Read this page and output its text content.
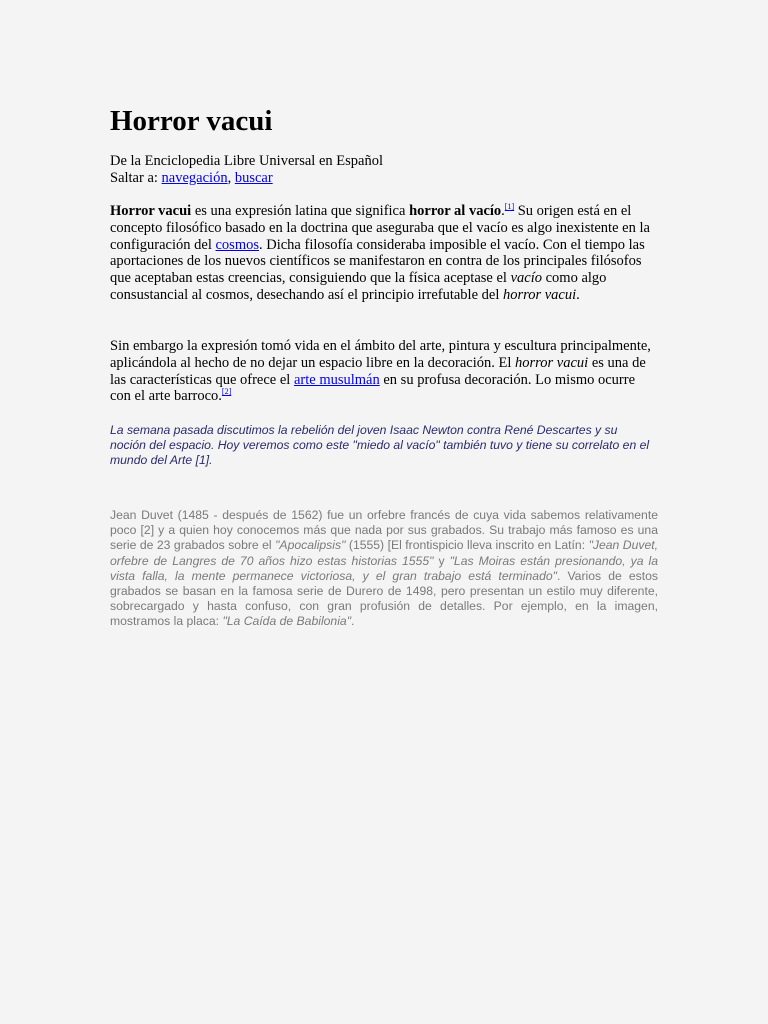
Horror vacui

De la Enciclopedia Libre Universal en Español
Saltar a: navegación, buscar

Horror vacui es una expresión latina que significa horror al vacío.[1] Su origen está en el concepto filosófico basado en la doctrina que aseguraba que el vacío es algo inexistente en la configuración del cosmos. Dicha filosofía consideraba imposible el vacío. Con el tiempo las aportaciones de los nuevos científicos se manifestaron en contra de los principales filósofos que aceptaban estas creencias, consiguiendo que la física aceptase el vacío como algo consustancial al cosmos, desechando así el principio irrefutable del horror vacui.

Sin embargo la expresión tomó vida en el ámbito del arte, pintura y escultura principalmente, aplicándola al hecho de no dejar un espacio libre en la decoración. El horror vacui es una de las características que ofrece el arte musulmán en su profusa decoración. Lo mismo ocurre con el arte barroco.[2]

La semana pasada discutimos la rebelión del joven Isaac Newton contra René Descartes y su noción del espacio. Hoy veremos como este "miedo al vacío" también tuvo y tiene su correlato en el mundo del Arte [1].

Jean Duvet (1485 - después de 1562) fue un orfebre francés de cuya vida sabemos relativamente poco [2] y a quien hoy conocemos más que nada por sus grabados. Su trabajo más famoso es una serie de 23 grabados sobre el "Apocalipsis" (1555) [El frontispicio lleva inscrito en Latín: "Jean Duvet, orfebre de Langres de 70 años hizo estas historias 1555" y "Las Moiras están presionando, ya la vista falla, la mente permanece victoriosa, y el gran trabajo está terminado". Varios de estos grabados se basan en la famosa serie de Durero de 1498, pero presentan un estilo muy diferente, sobrecargado y hasta confuso, con gran profusión de detalles. Por ejemplo, en la imagen, mostramos la placa: "La Caída de Babilonia".
